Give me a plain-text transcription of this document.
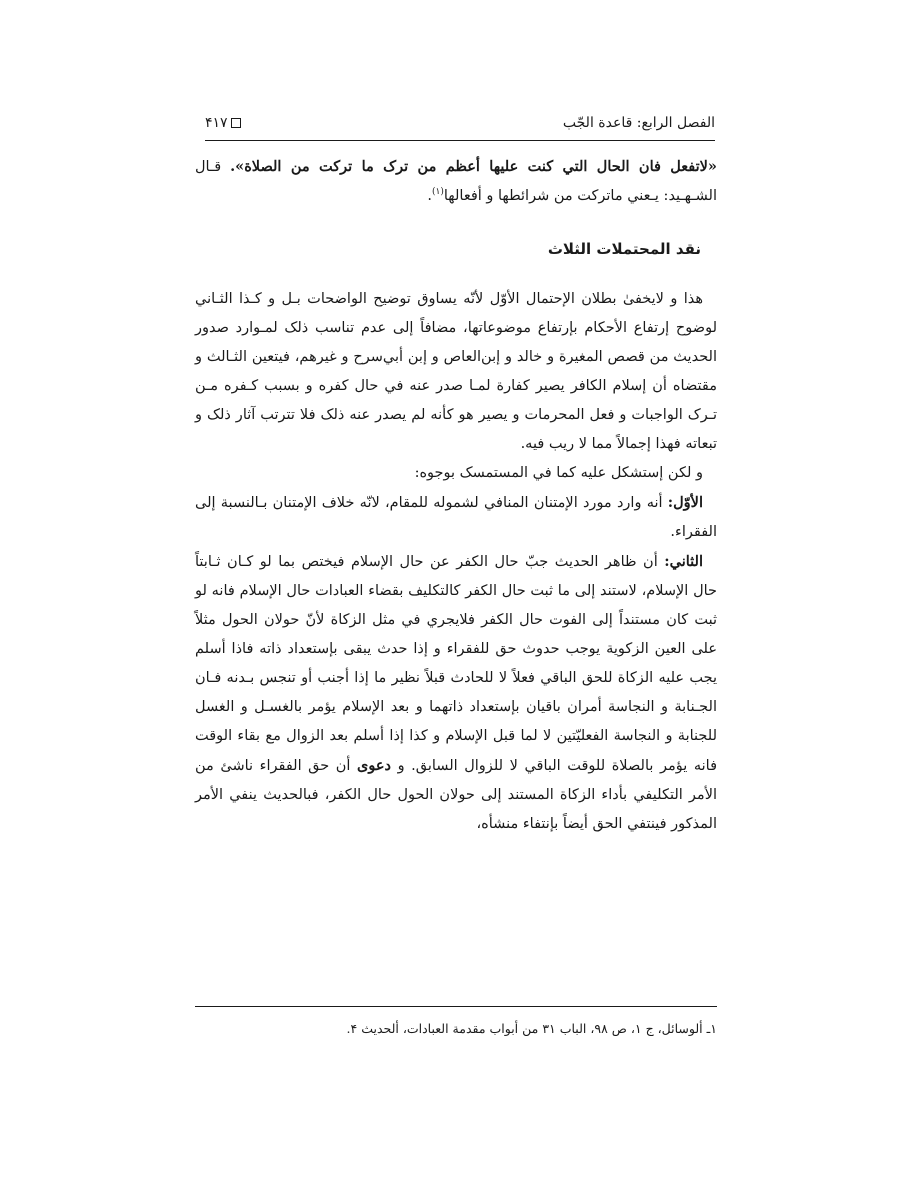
الفصل الرابع: قاعدة الجّب
۴۱۷

«لاتفعل فان الحال التي كنت عليها أعظم من ترک ما تركت من الصلاة». قـال الشـهـيد: يـعني ماتركت من شرائطها و أفعالها$^{(١)}$.

نقد المحتملات الثلاث

هذا و لايخفىٰ بطلان الإحتمال الأوّل لأنّه يساوق توضيح الواضحات بـل و كـذا الثـاني لوضوح إرتفاع الأحكام بإرتفاع موضوعاتها، مضافاً إلى عدم تناسب ذلک لمـوارد صدور الحديث من قصص المغيرة و خالد و إبن‌العاص و إبن أبي‌سرح و غيرهم، فيتعين الثـالث و مقتضاه أن إسلام الكافر يصير كفارة لمـا صدر عنه في حال كفره و بسبب كـفره مـن تـرک الواجبات و فعل المحرمات و يصير هو كأنه لم يصدر عنه ذلک فلا تترتب آثار ذلک و تبعاته فهذا إجمالاً مما لا ريب فيه.

و لكن إستشكل عليه كما في المستمسک بوجوه:

الأوّل: أنه وارد مورد الإمتنان المنافي لشموله للمقام، لانّه خلاف الإمتنان بـالنسبة إلى الفقراء.

الثاني: أن ظاهر الحديث جبّ حال الكفر عن حال الإسلام فيختص بما لو كـان ثـابتاً حال الإسلام، لاستند إلى ما ثبت حال الكفر كالتكليف بقضاء العبادات حال الإسلام فانه لو ثبت كان مستنداً إلى الفوت حال الكفر فلايجري في مثل الزكاة لأنّ حولان الحول مثلاً على العين الزكوية يوجب حدوث حق للفقراء و إذا حدث يبقى بإستعداد ذاته فاذا أسلم يجب عليه الزكاة للحق الباقي فعلاً لا للحادث قبلاً نظير ما إذا أجنب أو تنجس بـدنه فـان الجـنابة و النجاسة أمران باقيان بإستعداد ذاتهما و بعد الإسلام يؤمر بالغسـل و الغسل للجنابة و النجاسة الفعليّتين لا لما قبل الإسلام و كذا إذا أسلم بعد الزوال مع بقاء الوقت فانه يؤمر بالصلاة للوقت الباقي لا للزوال السابق. و دعوى أن حق الفقراء ناشئ من الأمر التكليفي بأداء الزكاة المستند إلى حولان الحول حال الكفر، فبالحديث ينفي الأمر المذكور فينتفي الحق أيضاً بإنتفاء منشأه،

١ـ ألوسائل، ج ١، ص ٩٨، الباب ٣١ من أبواب مقدمة العبادات، ألحديث ۴.
